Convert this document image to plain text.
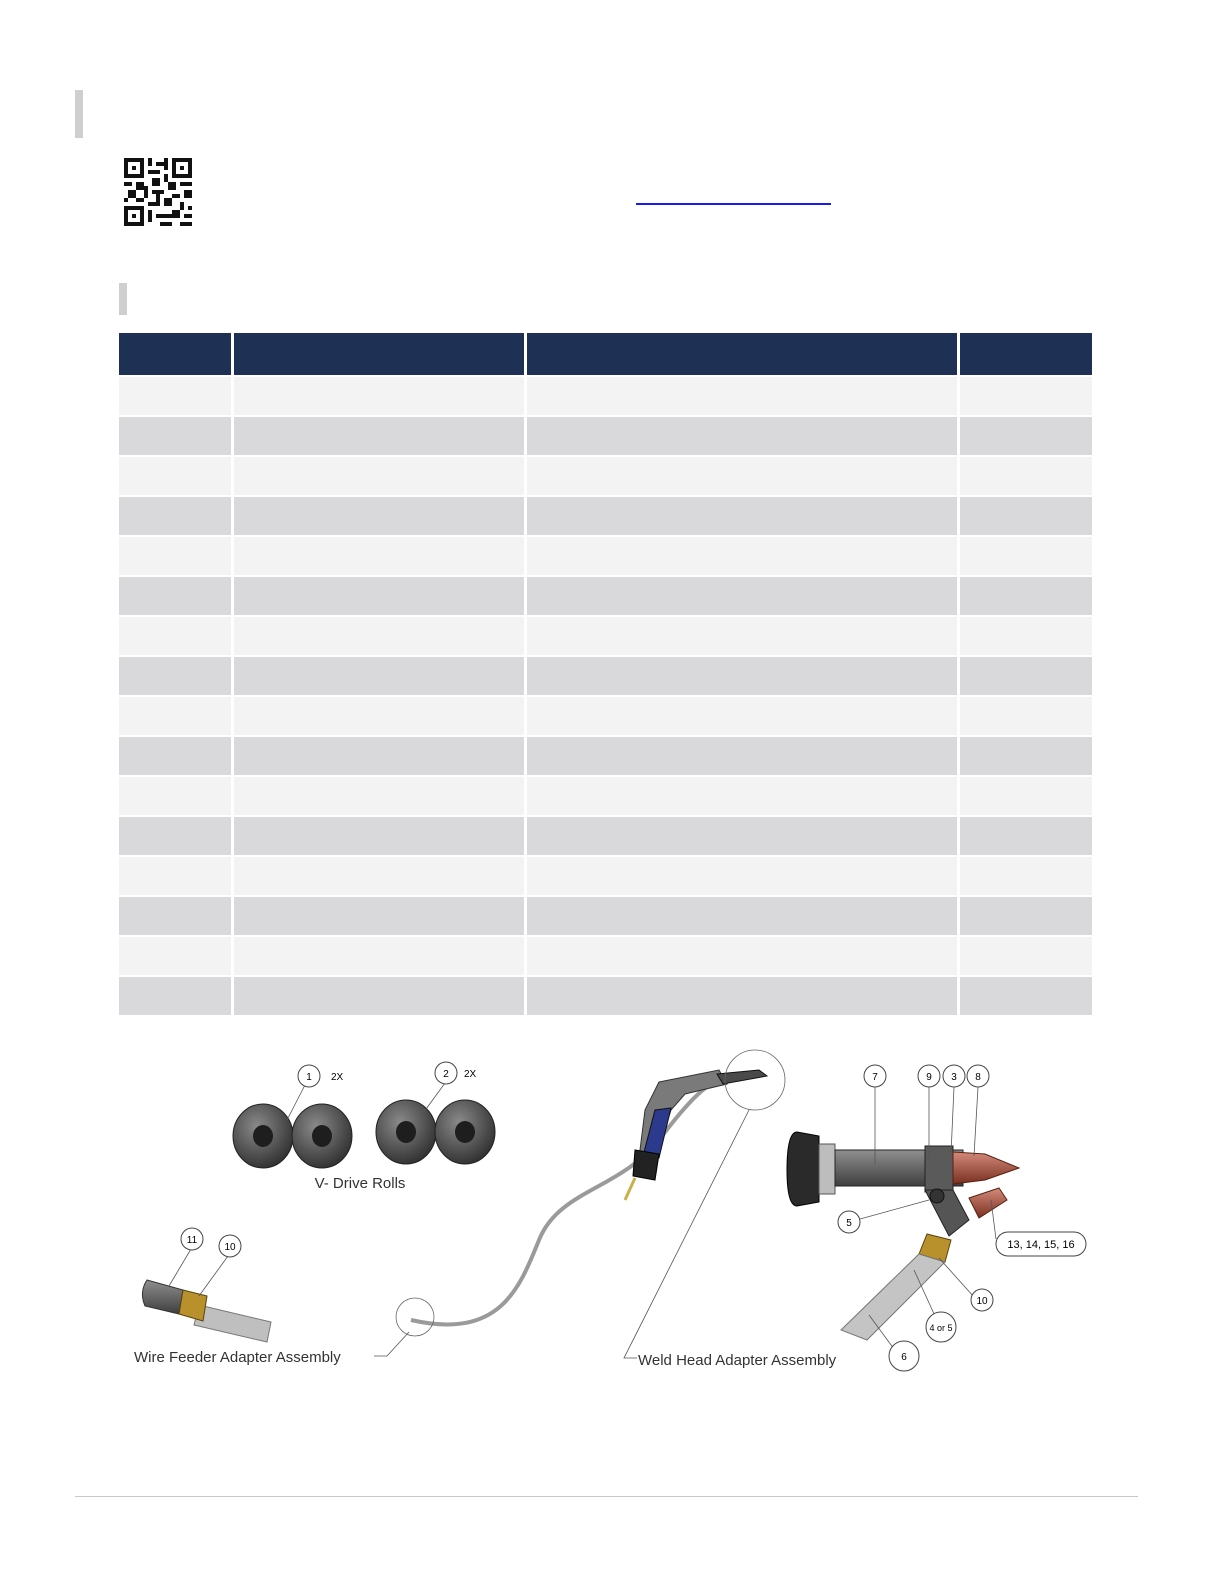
1 2X	2 2X
V- Drive Rolls
11
10
Wire Feeder Adapter Assembly	Weld Head Adapter Assembly
7	9 3 8
5
13, 14, 15, 16
10
4 or 5
6
